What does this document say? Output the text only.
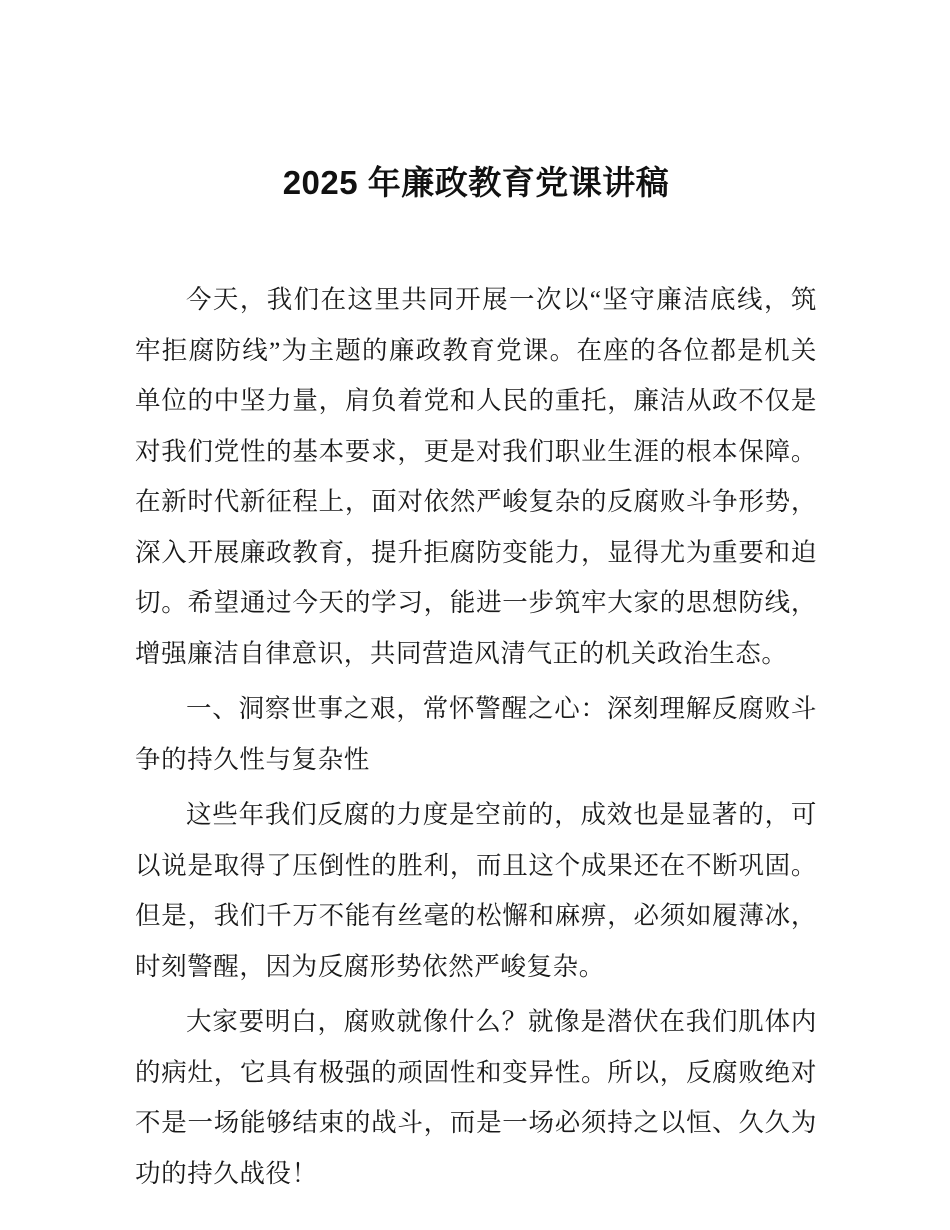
2025 年廉政教育党课讲稿

今天，我们在这里共同开展一次以“坚守廉洁底线，筑牢拒腐防线”为主题的廉政教育党课。在座的各位都是机关单位的中坚力量，肩负着党和人民的重托，廉洁从政不仅是对我们党性的基本要求，更是对我们职业生涯的根本保障。在新时代新征程上，面对依然严峻复杂的反腐败斗争形势，深入开展廉政教育，提升拒腐防变能力，显得尤为重要和迫切。希望通过今天的学习，能进一步筑牢大家的思想防线，增强廉洁自律意识，共同营造风清气正的机关政治生态。

一、洞察世事之艰，常怀警醒之心：深刻理解反腐败斗争的持久性与复杂性

这些年我们反腐的力度是空前的，成效也是显著的，可以说是取得了压倒性的胜利，而且这个成果还在不断巩固。但是，我们千万不能有丝毫的松懈和麻痹，必须如履薄冰，时刻警醒，因为反腐形势依然严峻复杂。

大家要明白，腐败就像什么？就像是潜伏在我们肌体内的病灶，它具有极强的顽固性和变异性。所以，反腐败绝对不是一场能够结束的战斗，而是一场必须持之以恒、久久为功的持久战役！
